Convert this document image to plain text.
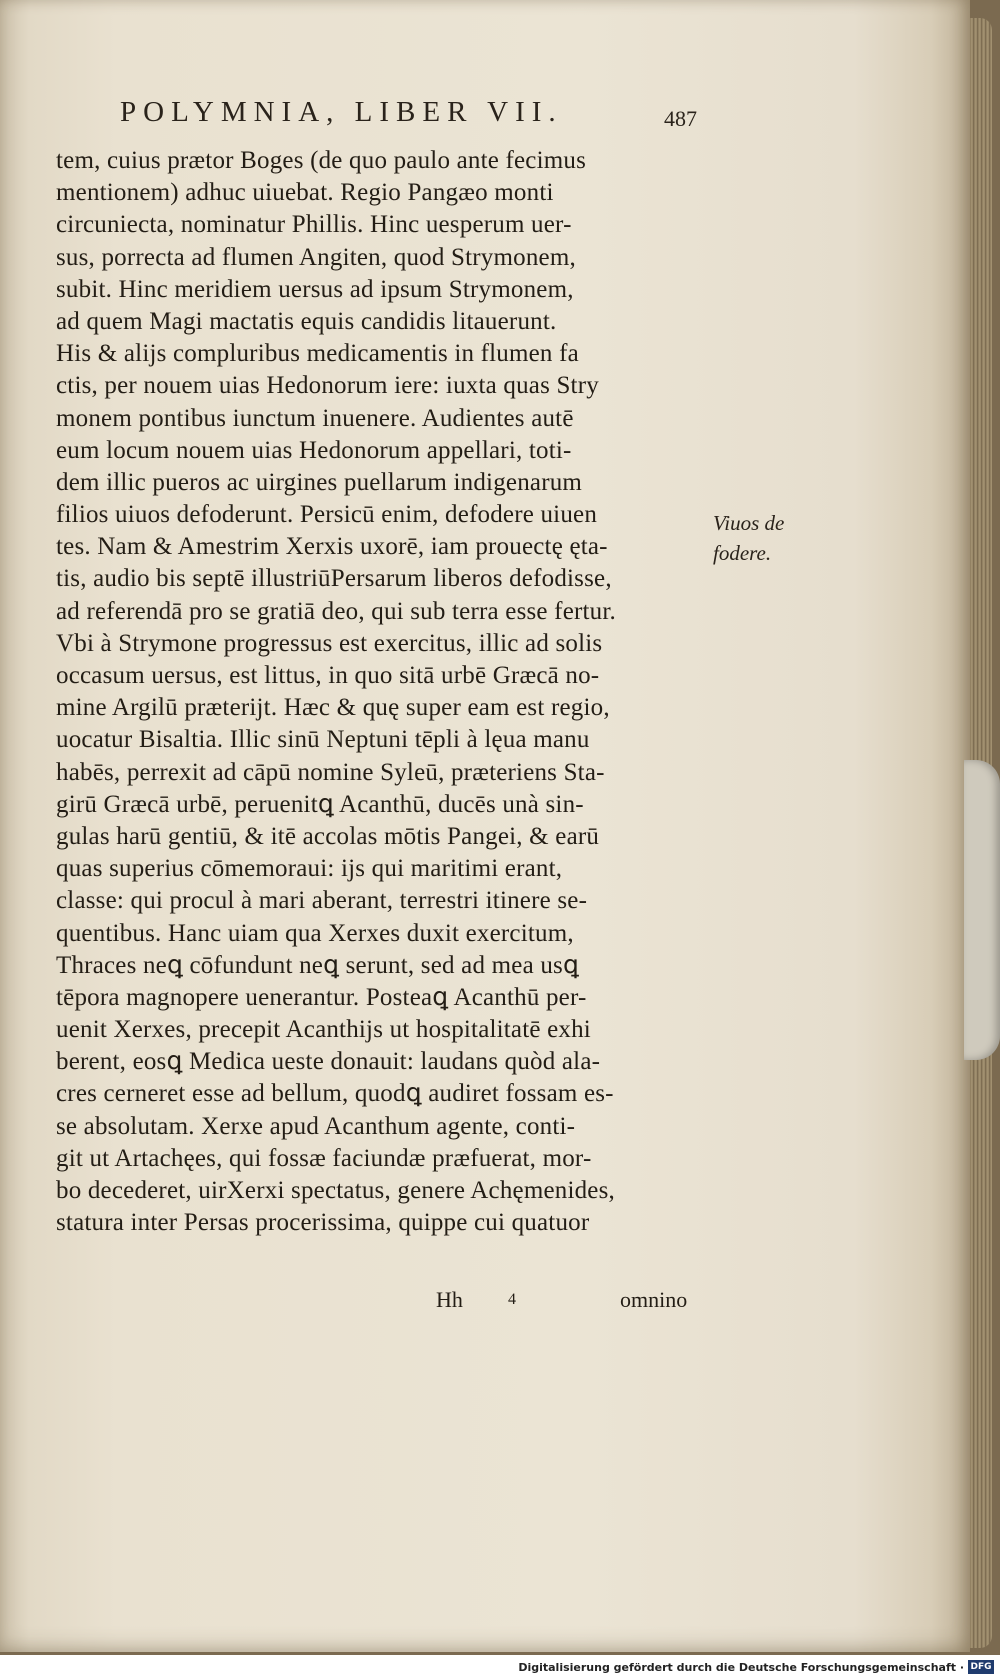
POLYMNIA, LIBER VII.	487
tem, cuius prætor Boges (de quo paulo ante fecimus
mentionem) adhuc uiuebat. Regio Pangæo monti
circuniecta, nominatur Phillis. Hinc uesperum uer-
sus, porrecta ad flumen Angiten, quod Strymonem,
subit. Hinc meridiem uersus ad ipsum Strymonem,
ad quem Magi mactatis equis candidis litauerunt.
His & alijs compluribus medicamentis in flumen fa
ctis, per nouem uias Hedonorum iere: iuxta quas Stry
monem pontibus iunctum inuenere. Audientes autē
eum locum nouem uias Hedonorum appellari, toti-
dem illic pueros ac uirgines puellarum indigenarum
filios uiuos defoderunt. Persicū enim, defodere uiuen
tes. Nam & Amestrim Xerxis uxorē, iam prouectę ęta-
tis, audio bis septē illustriūPersarum liberos defodisse,
ad referendā pro se gratiā deo, qui sub terra esse fertur.
Vbi à Strymone progressus est exercitus, illic ad solis
occasum uersus, est littus, in quo sitā urbē Græcā no-
mine Argilū præterijt. Hæc & quę super eam est regio,
uocatur Bisaltia. Illic sinū Neptuni tēpli à lęua manu
habēs, perrexit ad cāpū nomine Syleū, præteriens Sta-
girū Græcā urbē, peruenitꝗ Acanthū, ducēs unà sin-
gulas harū gentiū, & itē accolas mōtis Pangei, & earū
quas superius cōmemoraui: ijs qui maritimi erant,
classe: qui procul à mari aberant, terrestri itinere se-
quentibus. Hanc uiam qua Xerxes duxit exercitum,
Thraces neꝗ cōfundunt neꝗ serunt, sed ad mea usꝗ
tēpora magnopere uenerantur. Posteaꝗ Acanthū per-
uenit Xerxes, precepit Acanthijs ut hospitalitatē exhi
berent, eosꝗ Medica ueste donauit: laudans quòd ala-
cres cerneret esse ad bellum, quodꝗ audiret fossam es-
se absolutam. Xerxe apud Acanthum agente, conti-
git ut Artachęes, qui fossæ faciundæ præfuerat, mor-
bo decederet, uirXerxi spectatus, genere Achęmenides,
statura inter Persas procerissima, quippe cui quatuor
Viuos de
fodere.
Hh	4	omnino
Digitalisierung gefördert durch die Deutsche Forschungsgemeinschaft · DFG
